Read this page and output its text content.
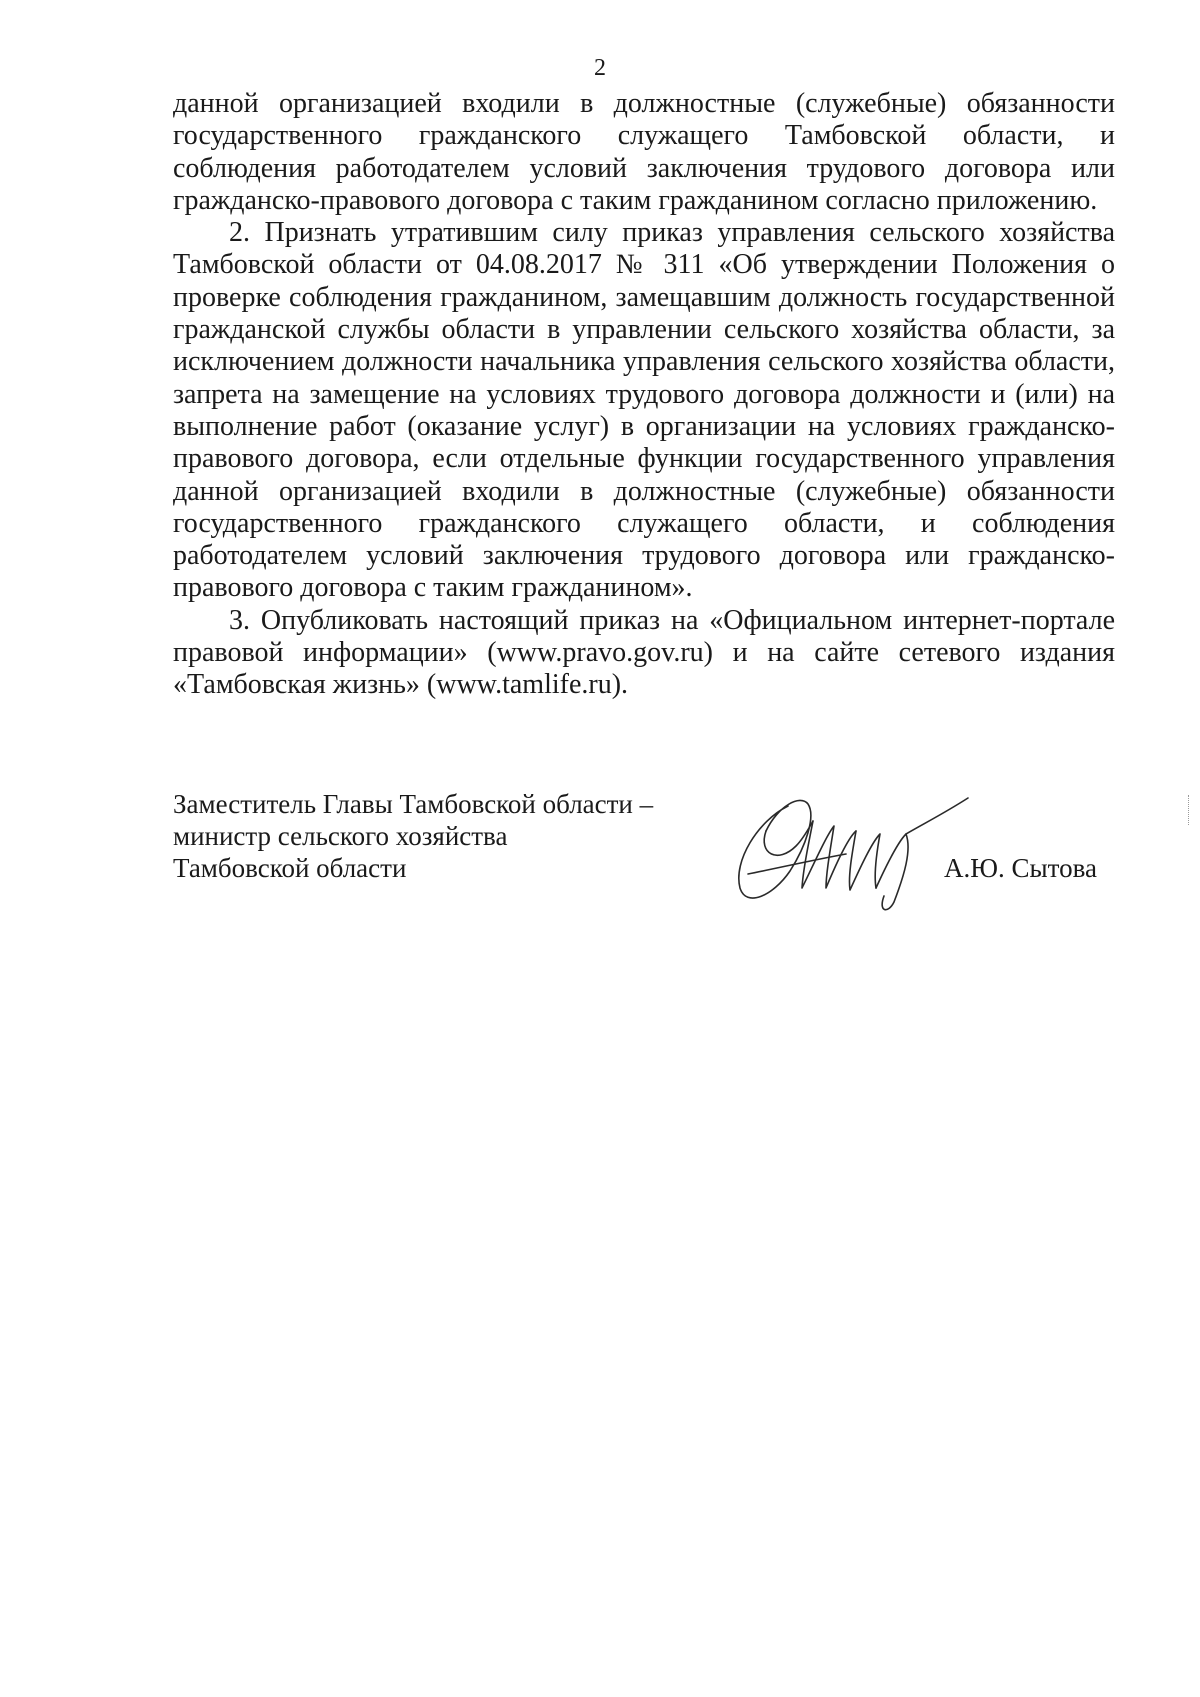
2

данной организацией входили в должностные (служебные) обязанности государственного гражданского служащего Тамбовской области, и соблюдения работодателем условий заключения трудового договора или гражданско-правового договора с таким гражданином согласно приложению.

2. Признать утратившим силу приказ управления сельского хозяйства Тамбовской области от 04.08.2017 № 311 «Об утверждении Положения о проверке соблюдения гражданином, замещавшим должность государственной гражданской службы области в управлении сельского хозяйства области, за исключением должности начальника управления сельского хозяйства области, запрета на замещение на условиях трудового договора должности и (или) на выполнение работ (оказание услуг) в организации на условиях гражданско-правового договора, если отдельные функции государственного управления данной организацией входили в должностные (служебные) обязанности государственного гражданского служащего области, и соблюдения работодателем условий заключения трудового договора или гражданско-правового договора с таким гражданином».

3. Опубликовать настоящий приказ на «Официальном интернет-портале правовой информации» (www.pravo.gov.ru) и на сайте сетевого издания «Тамбовская жизнь» (www.tamlife.ru).

Заместитель Главы Тамбовской области –
министр сельского хозяйства
Тамбовской области	А.Ю. Сытова
